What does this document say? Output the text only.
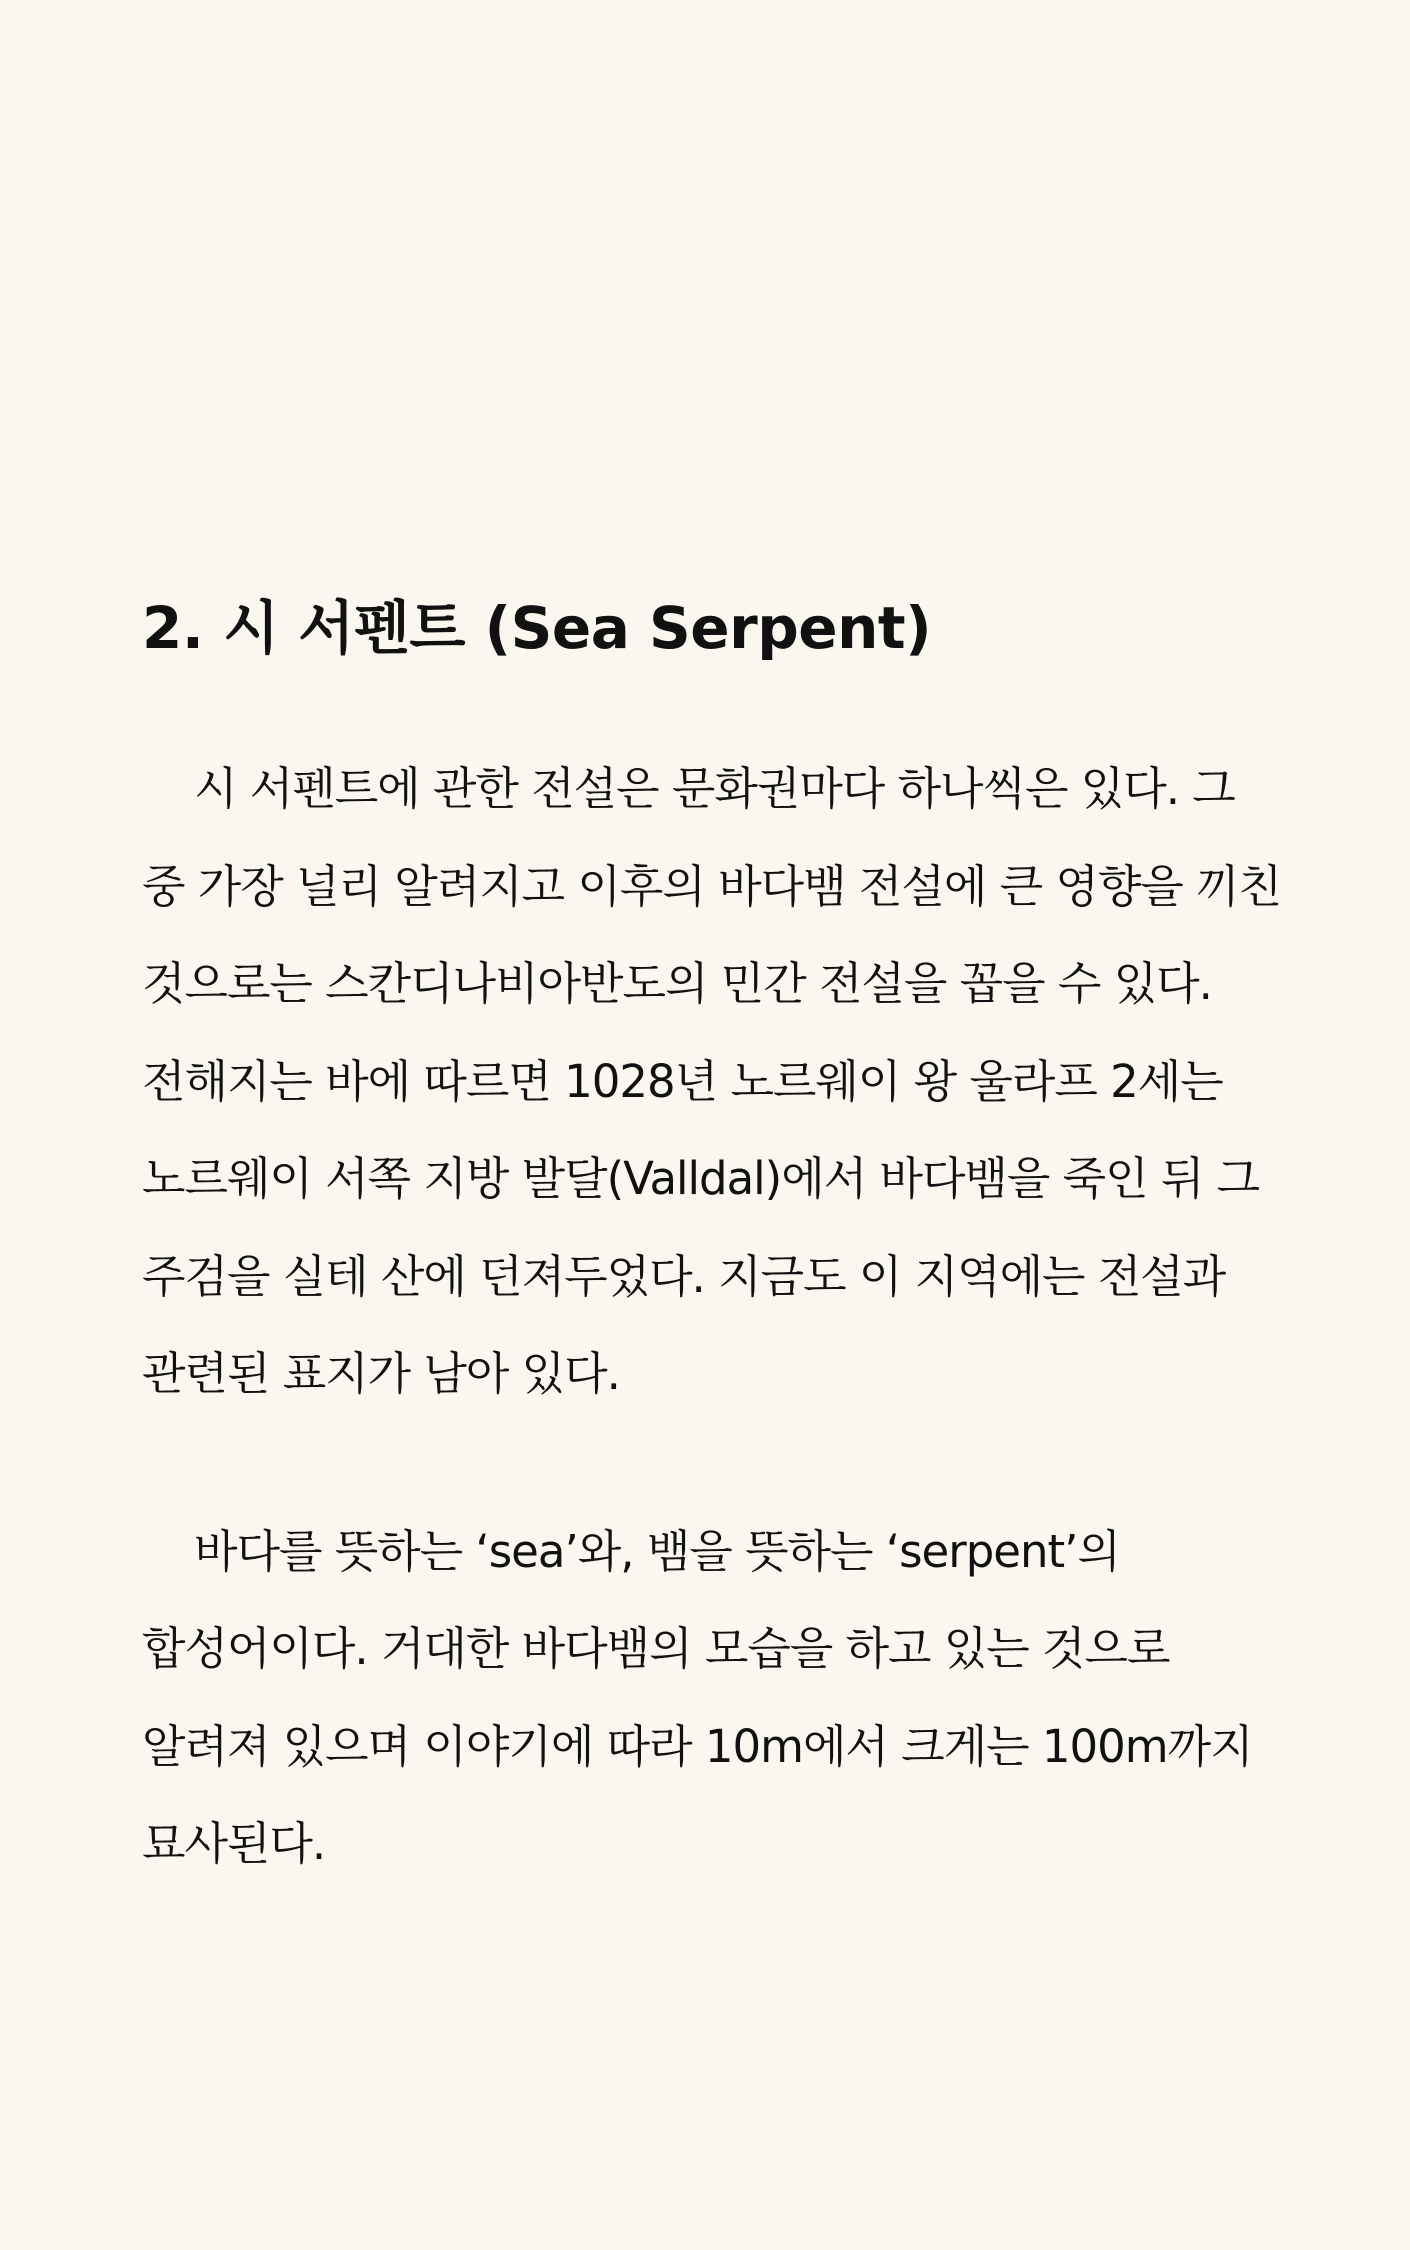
2. 시 서펜트 (Sea Serpent)

시 서펜트에 관한 전설은 문화권마다 하나씩은 있다. 그 중 가장 널리 알려지고 이후의 바다뱀 전설에 큰 영향을 끼친 것으로는 스칸디나비아반도의 민간 전설을 꼽을 수 있다. 전해지는 바에 따르면 1028년 노르웨이 왕 울라프 2세는 노르웨이 서쪽 지방 발달(Valldal)에서 바다뱀을 죽인 뒤 그 주검을 실테 산에 던져두었다. 지금도 이 지역에는 전설과 관련된 표지가 남아 있다.

바다를 뜻하는 ‘sea’와, 뱀을 뜻하는 ‘serpent’의 합성어이다. 거대한 바다뱀의 모습을 하고 있는 것으로 알려져 있으며 이야기에 따라 10m에서 크게는 100m까지 묘사된다.
